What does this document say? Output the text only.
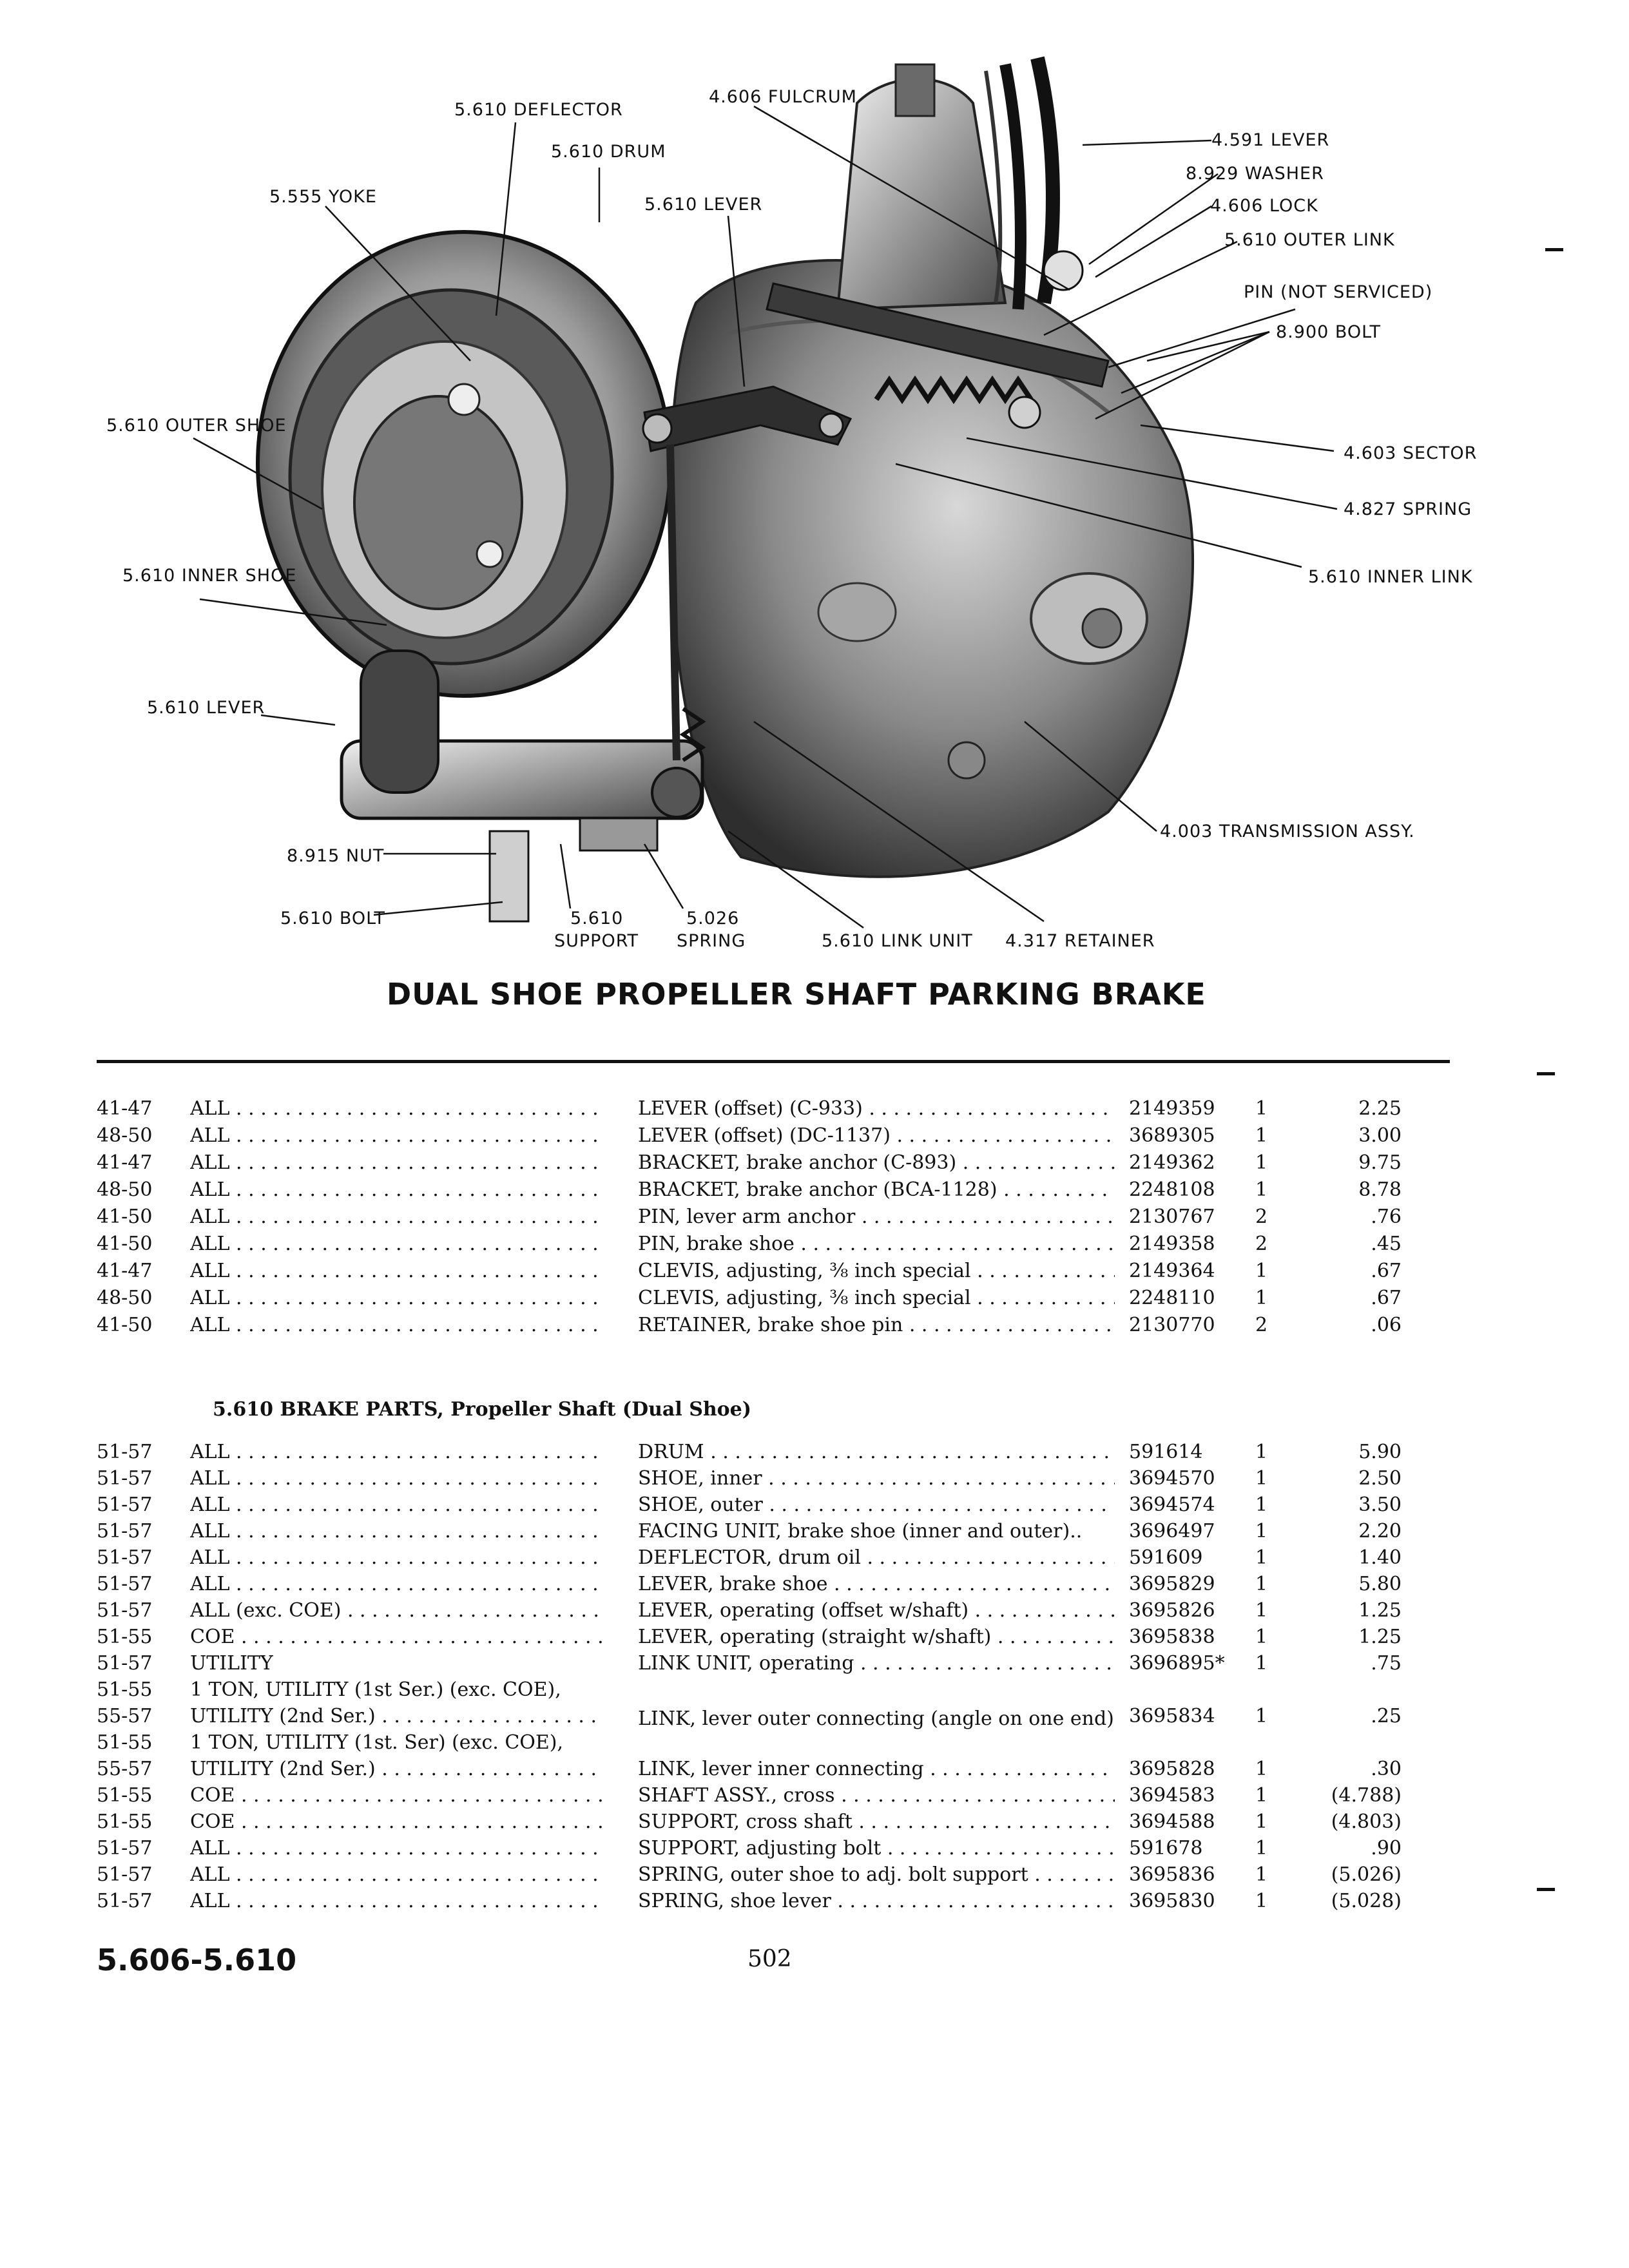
5.610 DEFLECTOR
4.606 FULCRUM
5.610 DRUM
5.555 YOKE	5.610 LEVER
4.591 LEVER
8.929 WASHER
4.606 LOCK
5.610 OUTER LINK
PIN (NOT SERVICED)
8.900 BOLT
5.610 OUTER SHOE
4.603 SECTOR
4.827 SPRING
5.610 INNER SHOE	5.610 INNER LINK
5.610 LEVER
4.003 TRANSMISSION ASSY.
8.915 NUT
5.610 BOLT	5.610
SUPPORT
5.026
SPRING	5.610 LINK UNIT 4.317 RETAINER
DUAL SHOE PROPELLER SHAFT PARKING BRAKE
41-47 ALL . . .	LEVER (offset) (C-933) . . .	2149359 1	2.25
48-50 ALL . . .	LEVER (offset) (DC-1137) . . .	3689305 1	3.00
41-47 ALL . . .	BRACKET, brake anchor (C-893) . . .	2149362 1	9.75
48-50 ALL . . .	BRACKET, brake anchor (BCA-1128) . . .	2248108 1	8.78
41-50 ALL . . .	PIN, lever arm anchor . . .	2130767 2	.76
41-50 ALL . . .	PIN, brake shoe . . .	2149358 2	.45
41-47 ALL . . .	CLEVIS, adjusting, ⅜ inch special . . .	2149364 1	.67
48-50 ALL . . .	CLEVIS, adjusting, ⅜ inch special . . .	2248110 1	.67
41-50 ALL . . .	RETAINER, brake shoe pin . . .	2130770 2	.06
5.610 BRAKE PARTS, Propeller Shaft (Dual Shoe)
51-57 ALL . . .	DRUM . . .	591614	1	5.90
51-57 ALL . . .	SHOE, inner . . .	3694570 1	2.50
51-57 ALL . . .	SHOE, outer . . .	3694574 1	3.50
51-57 ALL . . .	FACING UNIT, brake shoe (inner and outer)..	3696497 1	2.20
51-57 ALL . . .	DEFLECTOR, drum oil . . .	591609	1	1.40
51-57 ALL . . .	LEVER, brake shoe . . .	3695829 1	5.80
51-57 ALL (exc. COE) . . .	LEVER, operating (offset w/shaft) . . .	3695826 1	1.25
51-55 COE . . .	LEVER, operating (straight w/shaft) . . .	3695838 1	1.25
51-57 UTILITY	LINK UNIT, operating . . .	3696895* 1	.75
51-55 1 TON, UTILITY (1st Ser.) (exc. COE),
55-57 UTILITY (2nd Ser.) . . .	LINK, lever outer connecting (angle on one end) 3695834 1	.25
51-55 1 TON, UTILITY (1st. Ser) (exc. COE),
55-57 UTILITY (2nd Ser.) . . .	LINK, lever inner connecting . . .	3695828 1	.30
51-55 COE . . .	SHAFT ASSY., cross . . .	3694583 1	(4.788)
51-55 COE . . .	SUPPORT, cross shaft . . .	3694588 1	(4.803)
51-57 ALL . . .	SUPPORT, adjusting bolt . . .	591678	1	.90
51-57 ALL . . .	SPRING, outer shoe to adj. bolt support . . .	3695836 1	(5.026)
51-57 ALL . . .	SPRING, shoe lever . . .	3695830 1	(5.028)
5.606-5.610	502
